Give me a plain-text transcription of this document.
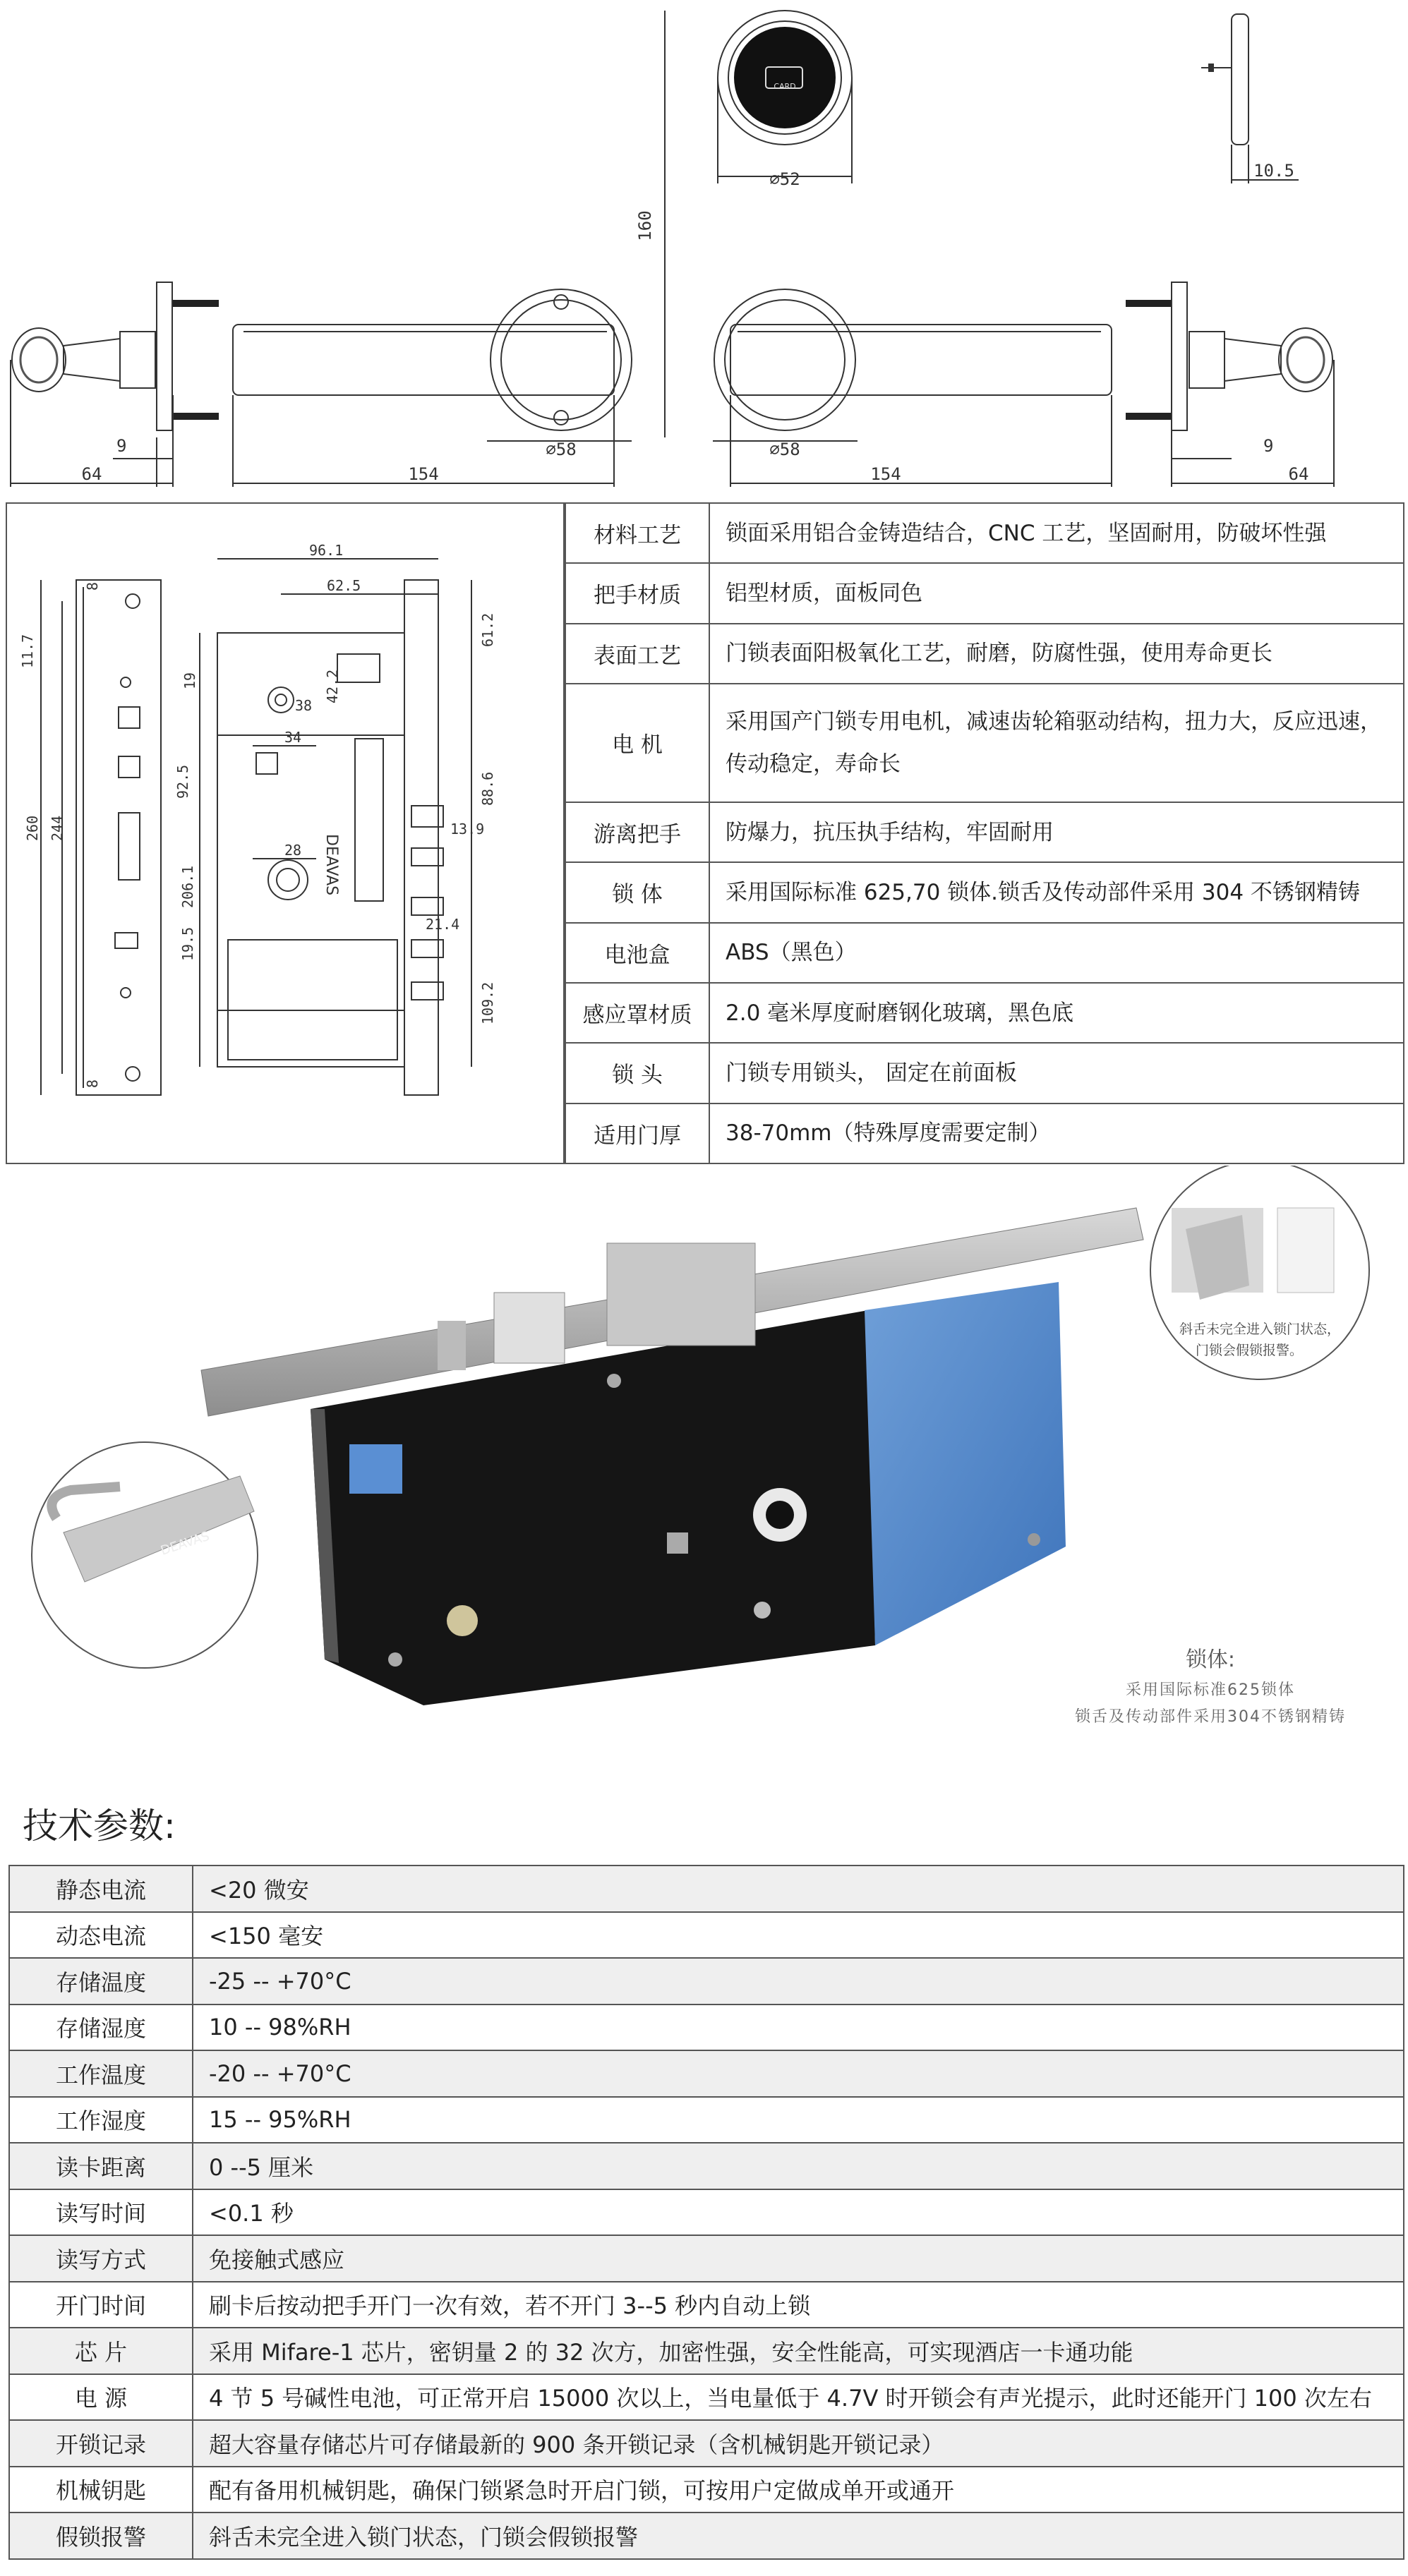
CARD
∅52	10.5
160
9
64	154
∅58	9
64
154
∅58
96.1
62.5
11.7
19
38
42.2
61.2
34
92.5	88.6
13.9
206.1
28
19.5
21.4
109.2
244
260
8
8
DEAVAS
材料工艺	锁面采用铝合金铸造结合，CNC 工艺，坚固耐用，防破坏性强
把手材质	铝型材质，面板同色
表面工艺	门锁表面阳极氧化工艺，耐磨，防腐性强，使用寿命更长
电 机	采用国产门锁专用电机，减速齿轮箱驱动结构，扭力大，反应迅速，传动稳定，寿命长
游离把手	防爆力，抗压执手结构，牢固耐用
锁 体	采用国际标准 625,70 锁体.锁舌及传动部件采用 304 不锈钢精铸
电池盒	ABS（黑色）
感应罩材质	2.0 毫米厚度耐磨钢化玻璃，黑色底
锁 头	门锁专用锁头， 固定在前面板
适用门厚	38-70mm（特殊厚度需要定制）
DEAVAS
斜舌未完全进入锁门状态，
门锁会假锁报警。
锁体:
采用国际标准625锁体
锁舌及传动部件采用304不锈钢精铸
技术参数:
静态电流	<20 微安
动态电流	<150 毫安
存储温度	-25 -- +70°C
存储湿度	10 -- 98%RH
工作温度	-20 -- +70°C
工作湿度	15 -- 95%RH
读卡距离	0 --5 厘米
读写时间	<0.1 秒
读写方式	免接触式感应
开门时间	刷卡后按动把手开门一次有效，若不开门 3--5 秒内自动上锁
芯 片	采用 Mifare-1 芯片，密钥量 2 的 32 次方，加密性强，安全性能高，可实现酒店一卡通功能
电 源	4 节 5 号碱性电池，可正常开启 15000 次以上，当电量低于 4.7V 时开锁会有声光提示，此时还能开门 100 次左右
开锁记录	超大容量存储芯片可存储最新的 900 条开锁记录（含机械钥匙开锁记录）
机械钥匙	配有备用机械钥匙，确保门锁紧急时开启门锁，可按用户定做成单开或通开
假锁报警	斜舌未完全进入锁门状态，门锁会假锁报警
